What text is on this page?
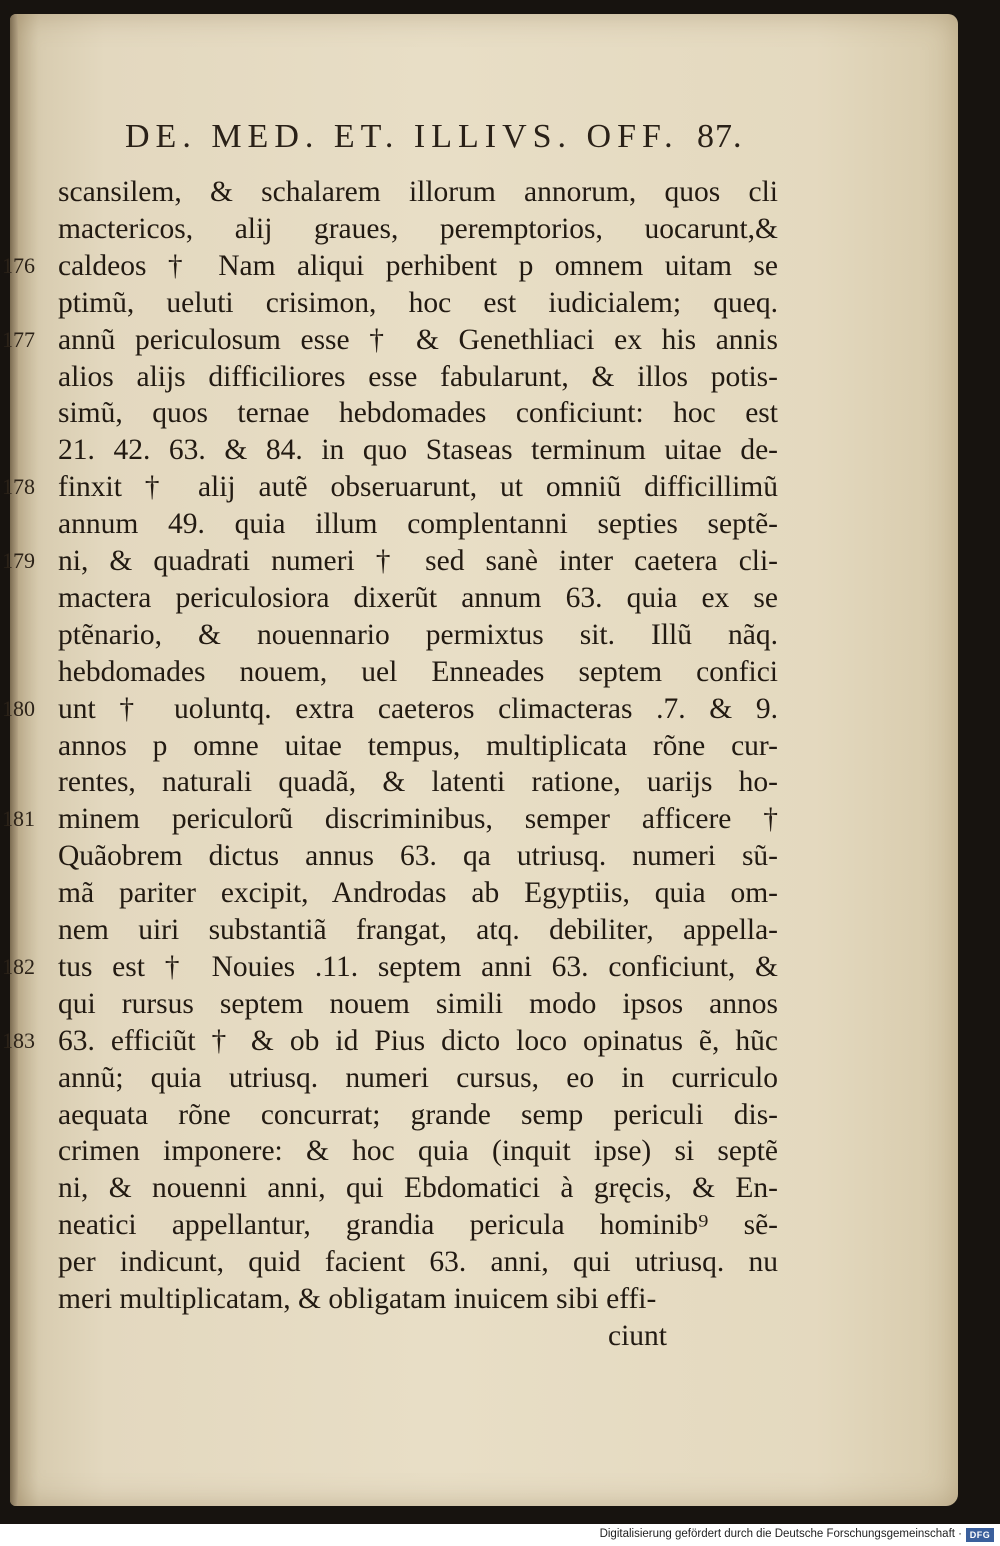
DE. MED. ET. ILLIVS. OFF. 87.
scansilem, & schalarem illorum annorum, quos cli
mactericos, alij graues, peremptorios, uocarunt,&
176 caldeos † Nam aliqui perhibent p omnem uitam se
ptimũ, ueluti crisimon, hoc est iudicialem; queq.
177 annũ periculosum esse † & Genethliaci ex his annis
alios alijs difficiliores esse fabularunt, & illos potis-
simũ, quos ternae hebdomades conficiunt: hoc est
21. 42. 63. & 84. in quo Staseas terminum uitae de-
178 finxit † alij autẽ obseruarunt, ut omniũ difficillimũ
annum 49. quia illum complentanni septies septẽ-
179 ni, & quadrati numeri † sed sanè inter caetera cli-
mactera periculosiora dixerũt annum 63. quia ex se
ptẽnario, & nouennario permixtus sit. Illũ nãq.
hebdomades nouem, uel Enneades septem confici
180 unt † uoluntq. extra caeteros climacteras .7. & 9.
annos p omne uitae tempus, multiplicata rõne cur-
rentes, naturali quadã, & latenti ratione, uarijs ho-
181 minem periculorũ discriminibus, semper afficere †
Quãobrem dictus annus 63. qa utriusq. numeri sũ-
mã pariter excipit, Androdas ab Egyptiis, quia om-
nem uiri substantiã frangat, atq. debiliter, appella-
182 tus est † Nouies .11. septem anni 63. conficiunt, &
qui rursus septem nouem simili modo ipsos annos
183 63. efficiũt † & ob id Pius dicto loco opinatus ẽ, hũc
annũ; quia utriusq. numeri cursus, eo in curriculo
aequata rõne concurrat; grande semp periculi dis-
crimen imponere: & hoc quia (inquit ipse) si septẽ
ni, & nouenni anni, qui Ebdomatici à gręcis, & En-
neatici appellantur, grandia pericula hominib⁹ sẽ-
per indicunt, quid facient 63. anni, qui utriusq. nu
meri multiplicatam, & obligatam inuicem sibi effi-
ciunt
Digitalisierung gefördert durch die Deutsche Forschungsgemeinschaft · DFG
